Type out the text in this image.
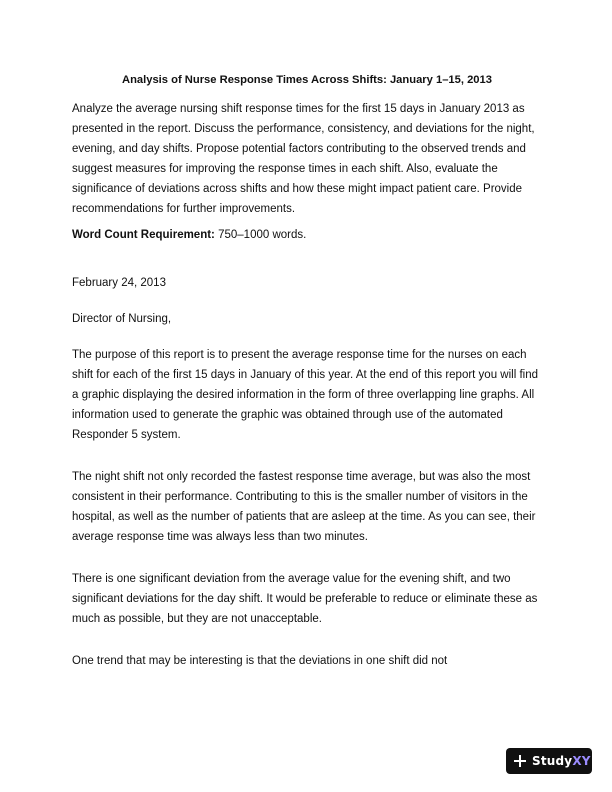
Analysis of Nurse Response Times Across Shifts: January 1–15, 2013

Analyze the average nursing shift response times for the first 15 days in January 2013 as presented in the report. Discuss the performance, consistency, and deviations for the night, evening, and day shifts. Propose potential factors contributing to the observed trends and suggest measures for improving the response times in each shift. Also, evaluate the significance of deviations across shifts and how these might impact patient care. Provide recommendations for further improvements.

Word Count Requirement: 750–1000 words.

February 24, 2013

Director of Nursing,

The purpose of this report is to present the average response time for the nurses on each shift for each of the first 15 days in January of this year. At the end of this report you will find a graphic displaying the desired information in the form of three overlapping line graphs. All information used to generate the graphic was obtained through use of the automated Responder 5 system.

The night shift not only recorded the fastest response time average, but was also the most consistent in their performance. Contributing to this is the smaller number of visitors in the hospital, as well as the number of patients that are asleep at the time. As you can see, their average response time was always less than two minutes.

There is one significant deviation from the average value for the evening shift, and two significant deviations for the day shift. It would be preferable to reduce or eliminate these as much as possible, but they are not unacceptable.

One trend that may be interesting is that the deviations in one shift did not

StudyXY
